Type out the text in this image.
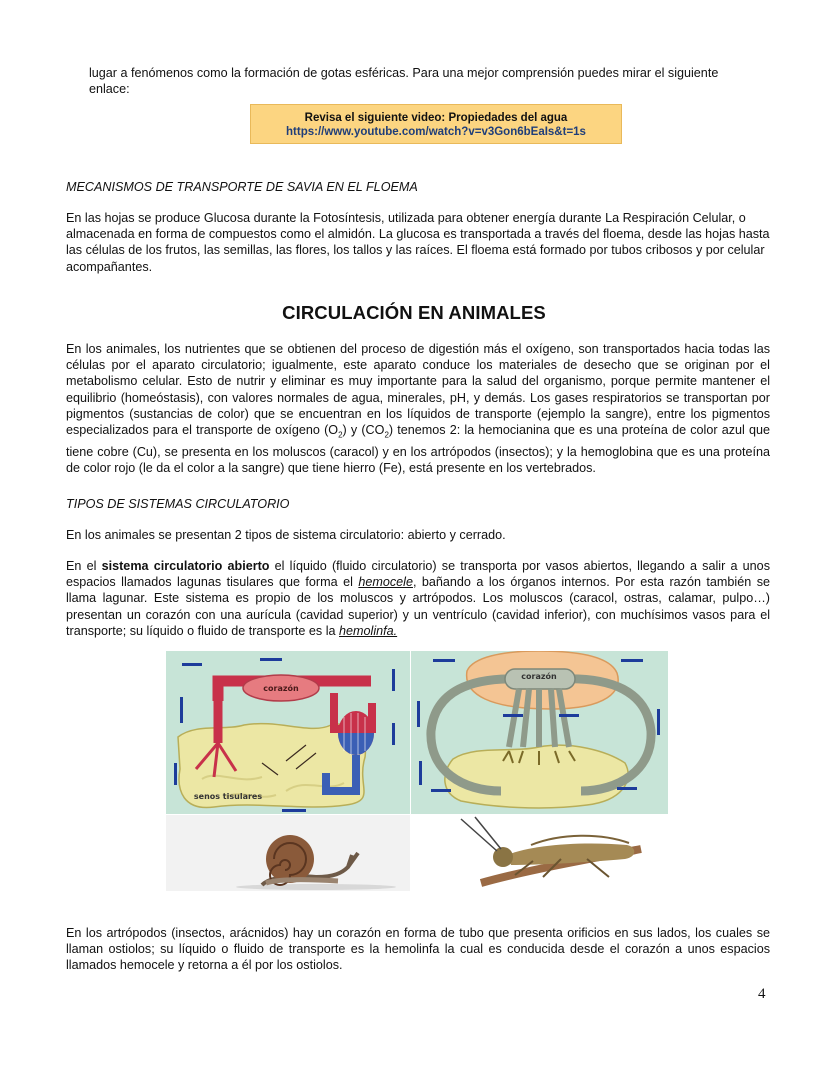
lugar a fenómenos como la formación de gotas esféricas. Para una mejor comprensión puedes mirar el siguiente

enlace:

Revisa el siguiente video: Propiedades del agua
https://www.youtube.com/watch?v=v3Gon6bEaIs&t=1s

MECANISMOS DE TRANSPORTE DE SAVIA EN EL FLOEMA

En las hojas se produce Glucosa durante la Fotosíntesis, utilizada para obtener energía durante La Respiración Celular, o almacenada en forma de compuestos como el almidón. La glucosa es transportada a través del floema, desde las hojas hasta las células de los frutos, las semillas, las flores, los tallos y las raíces. El floema está formado por tubos cribosos y por celular acompañantes.

CIRCULACIÓN EN ANIMALES

En los animales, los nutrientes que se obtienen del proceso de digestión más el oxígeno, son transportados hacia todas las células por el aparato circulatorio; igualmente, este aparato conduce los materiales de desecho que se originan por el metabolismo celular. Esto de nutrir y eliminar es muy importante para la salud del organismo, porque permite mantener el equilibrio (homeóstasis), con valores normales de agua, minerales, pH, y demás. Los gases respiratorios se transportan por pigmentos (sustancias de color) que se encuentran en los líquidos de transporte (ejemplo la sangre), entre los pigmentos especializados para el transporte de oxígeno $(O_2)$ y $(CO_2)$ tenemos 2: la hemocianina que es una proteína de color azul que tiene cobre (Cu), se presenta en los moluscos (caracol) y en los artrópodos (insectos); y la hemoglobina que es una proteína de color rojo (le da el color a la sangre) que tiene hierro (Fe), está presente en los vertebrados.

TIPOS DE SISTEMAS CIRCULATORIO

En los animales se presentan 2 tipos de sistema circulatorio: abierto y cerrado.

En el sistema circulatorio abierto el líquido (fluido circulatorio) se transporta por vasos abiertos, llegando a salir a unos espacios llamados lagunas tisulares que forma el hemocele, bañando a los órganos internos. Por esta razón también se llama lagunar. Este sistema es propio de los moluscos y artrópodos. Los moluscos (caracol, ostras, calamar, pulpo…) presentan un corazón con una aurícula (cavidad superior) y un ventrículo (cavidad inferior), con muchísimos vasos para el transporte; su líquido o fluido de transporte es la hemolinfa.

corazón
senos tisulares
corazón

En los artrópodos (insectos, arácnidos) hay un corazón en forma de tubo que presenta orificios en sus lados, los cuales se llaman ostiolos; su líquido o fluido de transporte es la hemolinfa la cual es conducida desde el corazón a unos espacios llamados hemocele y retorna a él por los ostiolos.

4
